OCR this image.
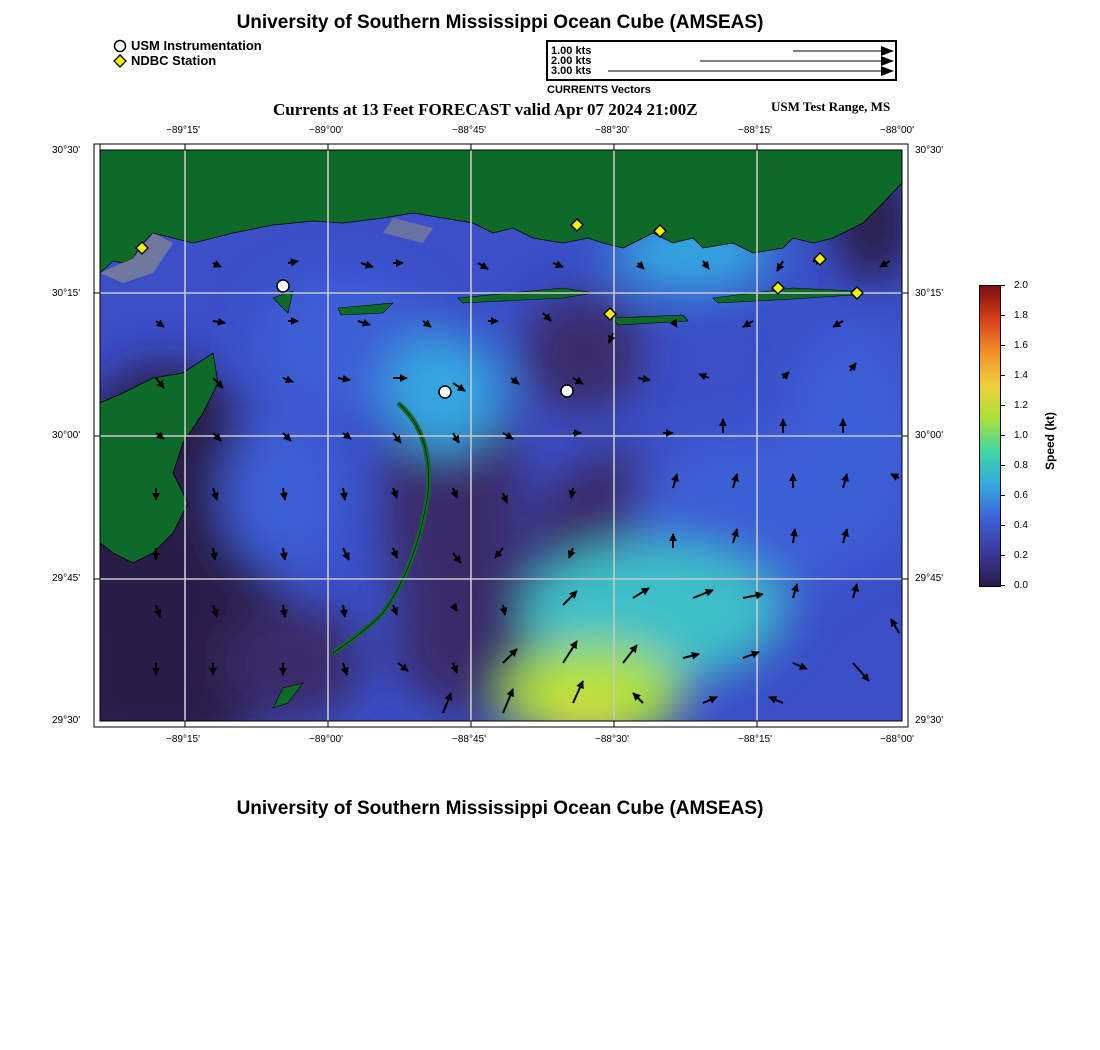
University of Southern Mississippi Ocean Cube (AMSEAS)
USM Instrumentation
NDBC Station
1.00 kts
2.00 kts
3.00 kts
CURRENTS Vectors
Currents at 13 Feet FORECAST valid Apr 07 2024 21:00Z	USM Test Range, MS
−89°15'	−89°00'	−88°45'	−88°30'	−88°15'	−88°00'
−89°15'	−89°00'	−88°45'	−88°30'	−88°15'	−88°00'
30°30'
30°15'
30°00'
29°45'
29°30'
30°30'
30°15'
30°00'
29°45'
29°30'
2.0
1.8
1.6
1.4
1.2
1.0
0.8
0.6
0.4
0.2
0.0
Speed (kt)
University of Southern Mississippi Ocean Cube (AMSEAS)
